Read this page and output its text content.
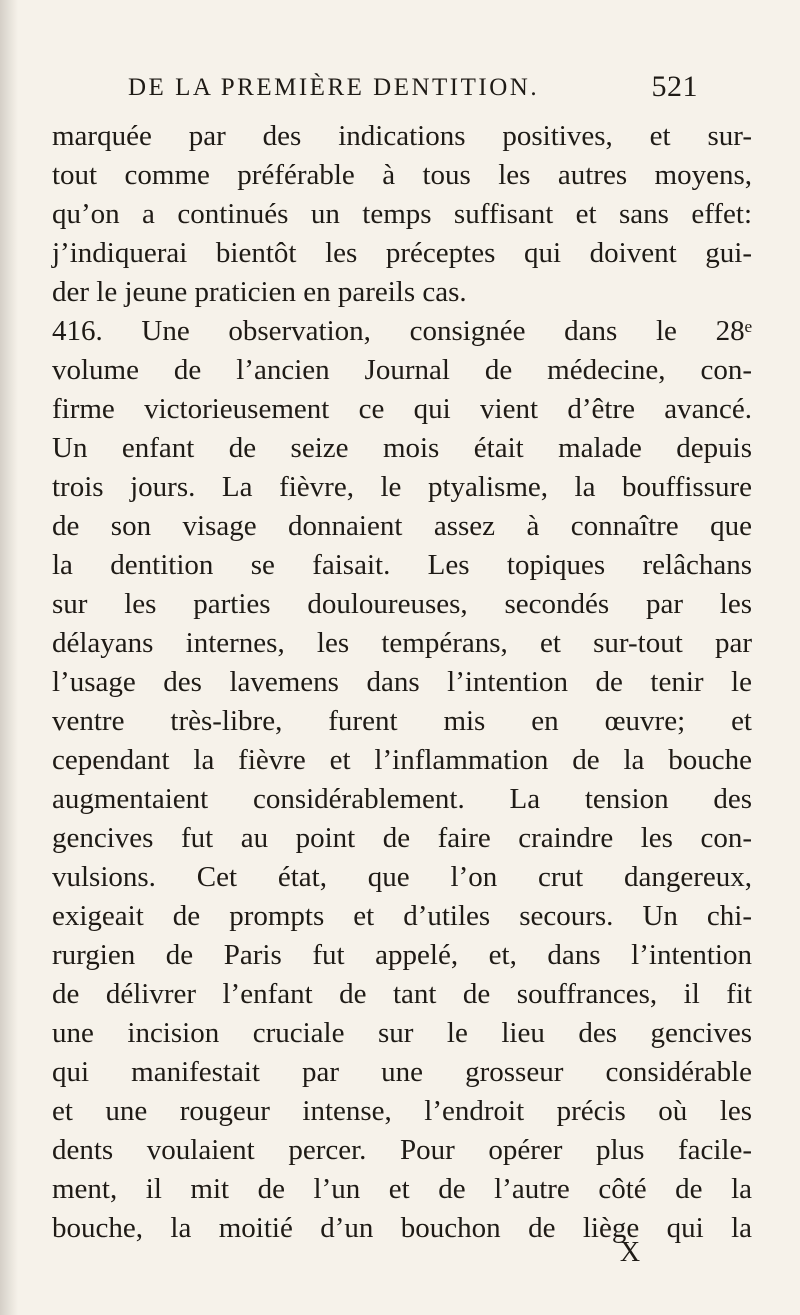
DE LA PREMIÈRE DENTITION.	521
marquée par des indications positives, et sur-
tout comme préférable à tous les autres moyens,
qu’on a continués un temps suffisant et sans effet:
j’indiquerai bientôt les préceptes qui doivent gui-
der le jeune praticien en pareils cas.
416. Une observation, consignée dans le 28ᵉ
volume de l’ancien Journal de médecine, con-
firme victorieusement ce qui vient d’être avancé.
Un enfant de seize mois était malade depuis
trois jours. La fièvre, le ptyalisme, la bouffissure
de son visage donnaient assez à connaître que
la dentition se faisait. Les topiques relâchans
sur les parties douloureuses, secondés par les
délayans internes, les tempérans, et sur-tout par
l’usage des lavemens dans l’intention de tenir le
ventre très-libre, furent mis en œuvre; et
cependant la fièvre et l’inflammation de la bouche
augmentaient considérablement. La tension des
gencives fut au point de faire craindre les con-
vulsions. Cet état, que l’on crut dangereux,
exigeait de prompts et d’utiles secours. Un chi-
rurgien de Paris fut appelé, et, dans l’intention
de délivrer l’enfant de tant de souffrances, il fit
une incision cruciale sur le lieu des gencives
qui manifestait par une grosseur considérable
et une rougeur intense, l’endroit précis où les
dents voulaient percer. Pour opérer plus facile-
ment, il mit de l’un et de l’autre côté de la
bouche, la moitié d’un bouchon de liège qui la
X
